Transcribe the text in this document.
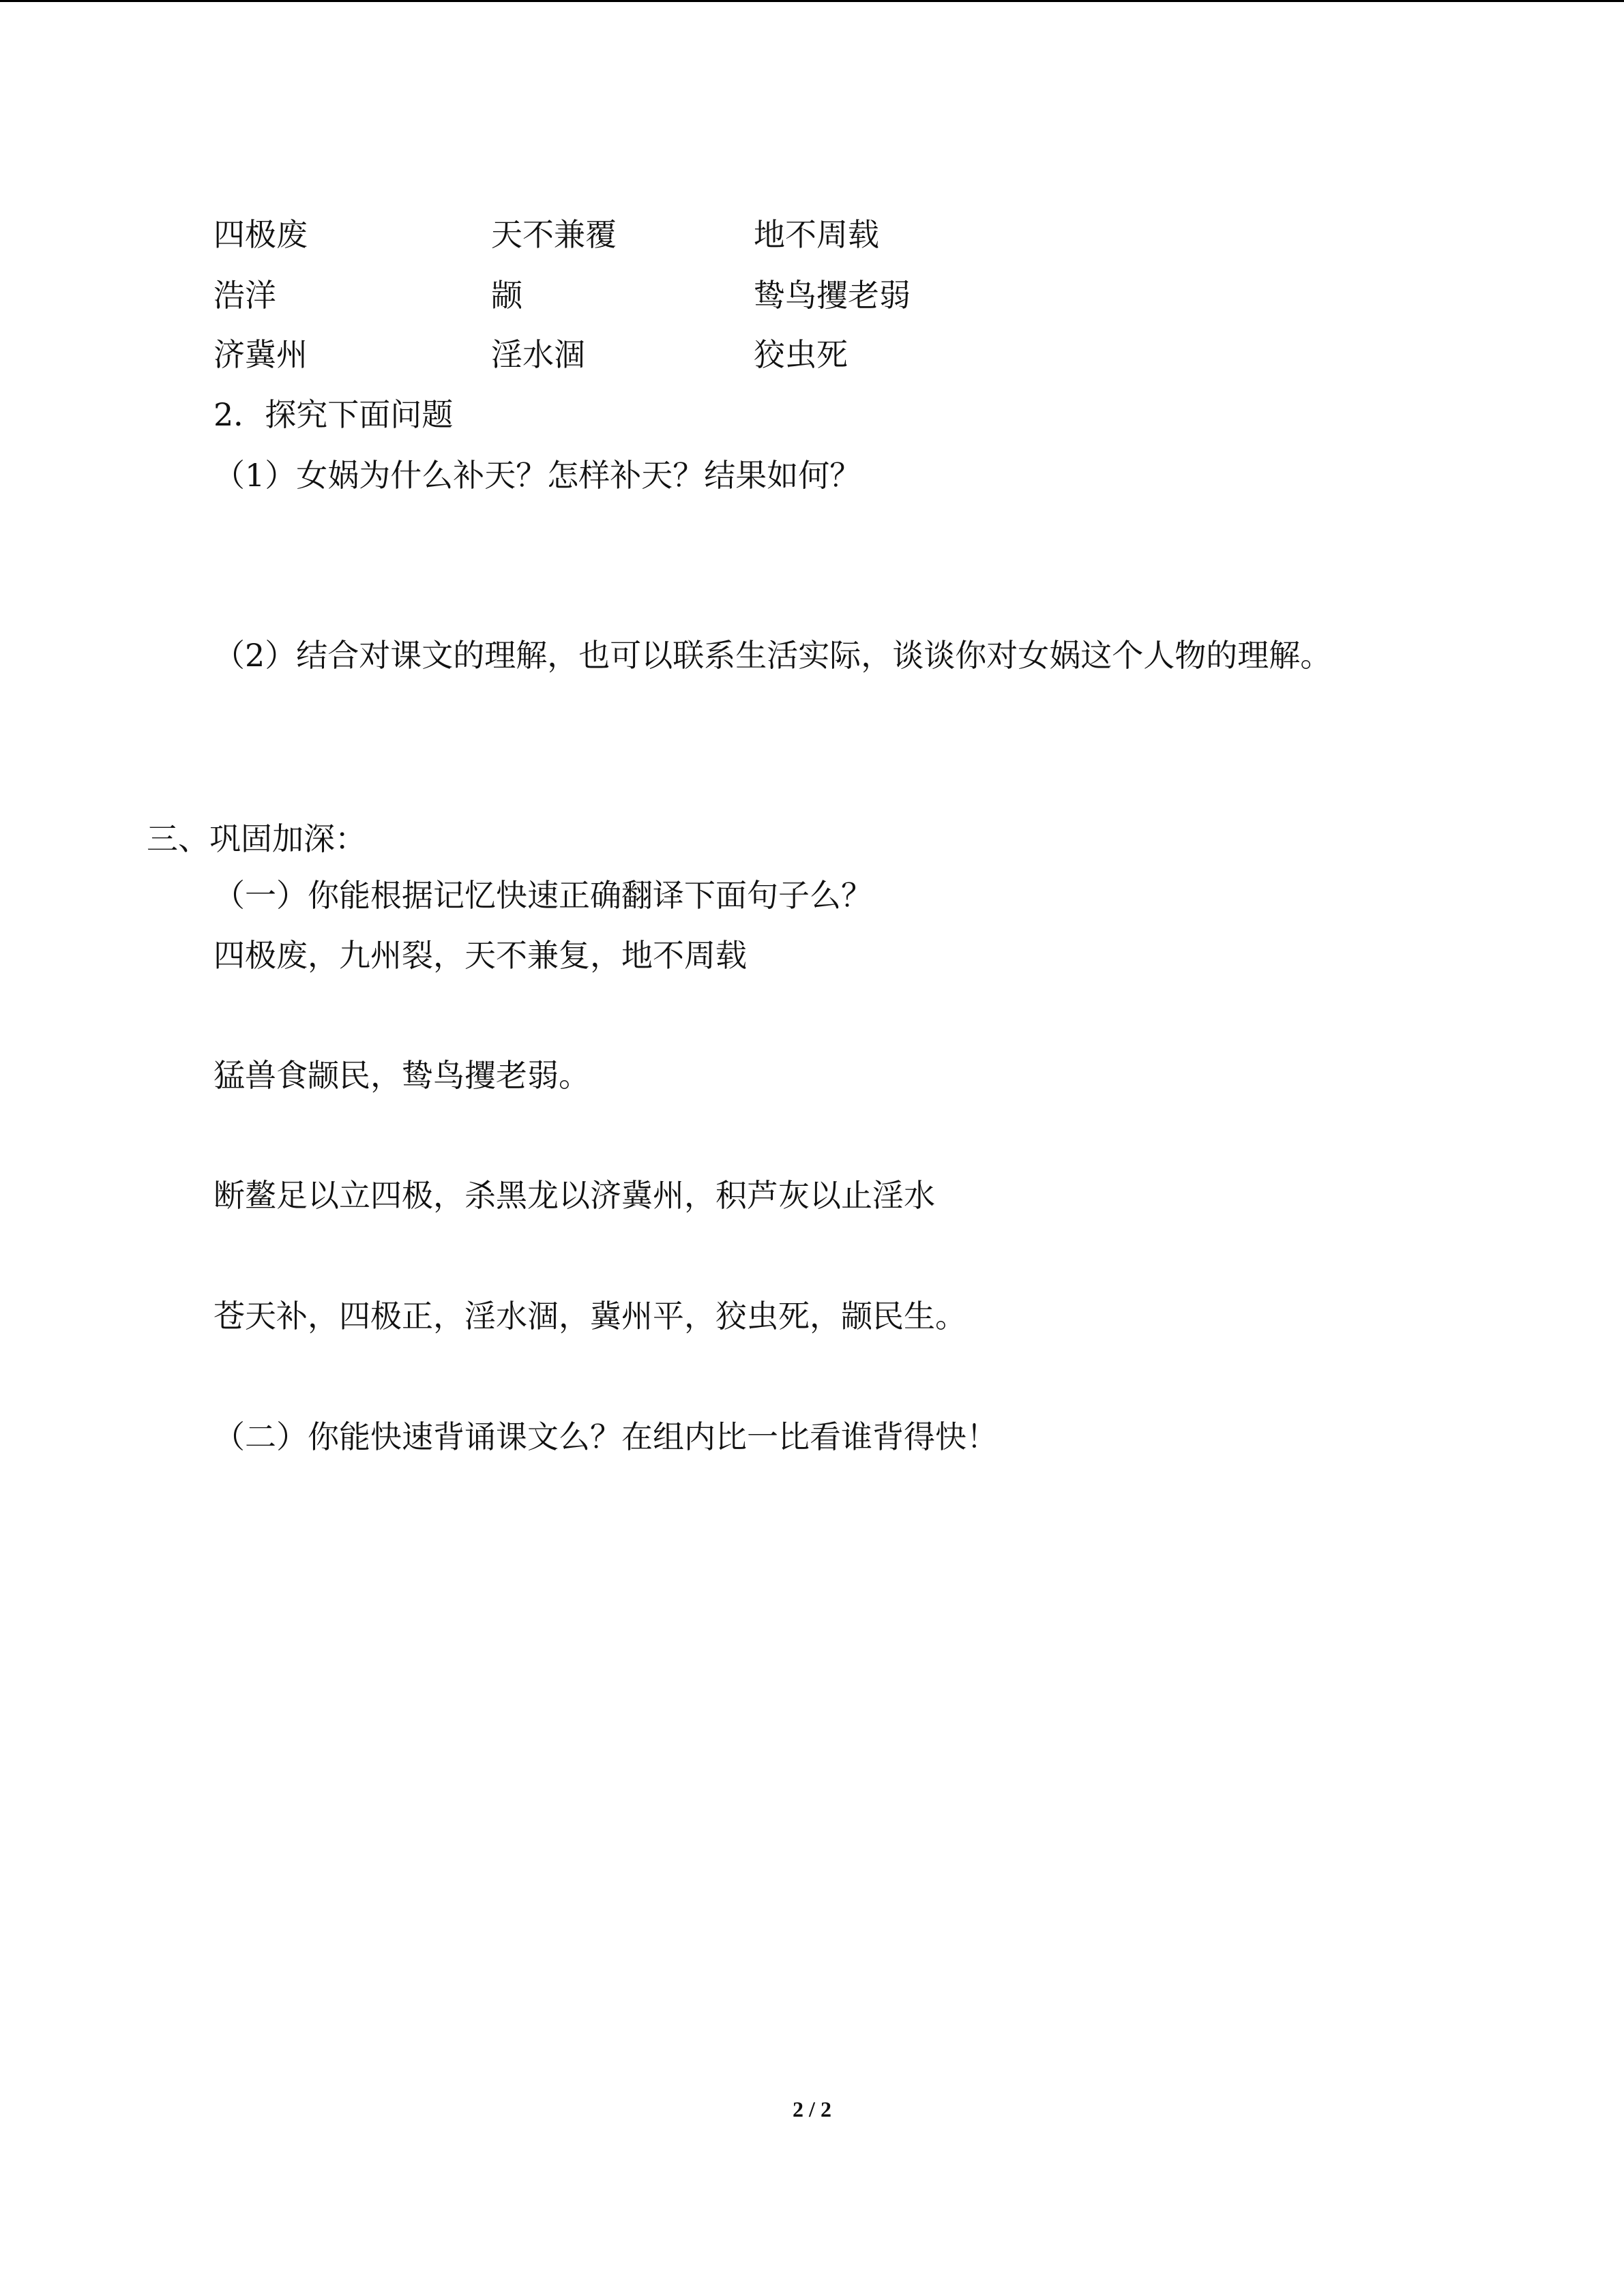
四极废	天不兼覆	地不周载
浩洋	颛	鸷鸟攫老弱
济冀州	淫水涸	狡虫死
2．探究下面问题
（1）女娲为什么补天？怎样补天？结果如何？
（2）结合对课文的理解，也可以联系生活实际，谈谈你对女娲这个人物的理解。
三、巩固加深：
（一）你能根据记忆快速正确翻译下面句子么？
四极废，九州裂，天不兼复，地不周载
猛兽食颛民，鸷鸟攫老弱。
断鳌足以立四极，杀黑龙以济冀州，积芦灰以止淫水
苍天补，四极正，淫水涸，冀州平，狡虫死，颛民生。
（二）你能快速背诵课文么？在组内比一比看谁背得快！
2 / 2
